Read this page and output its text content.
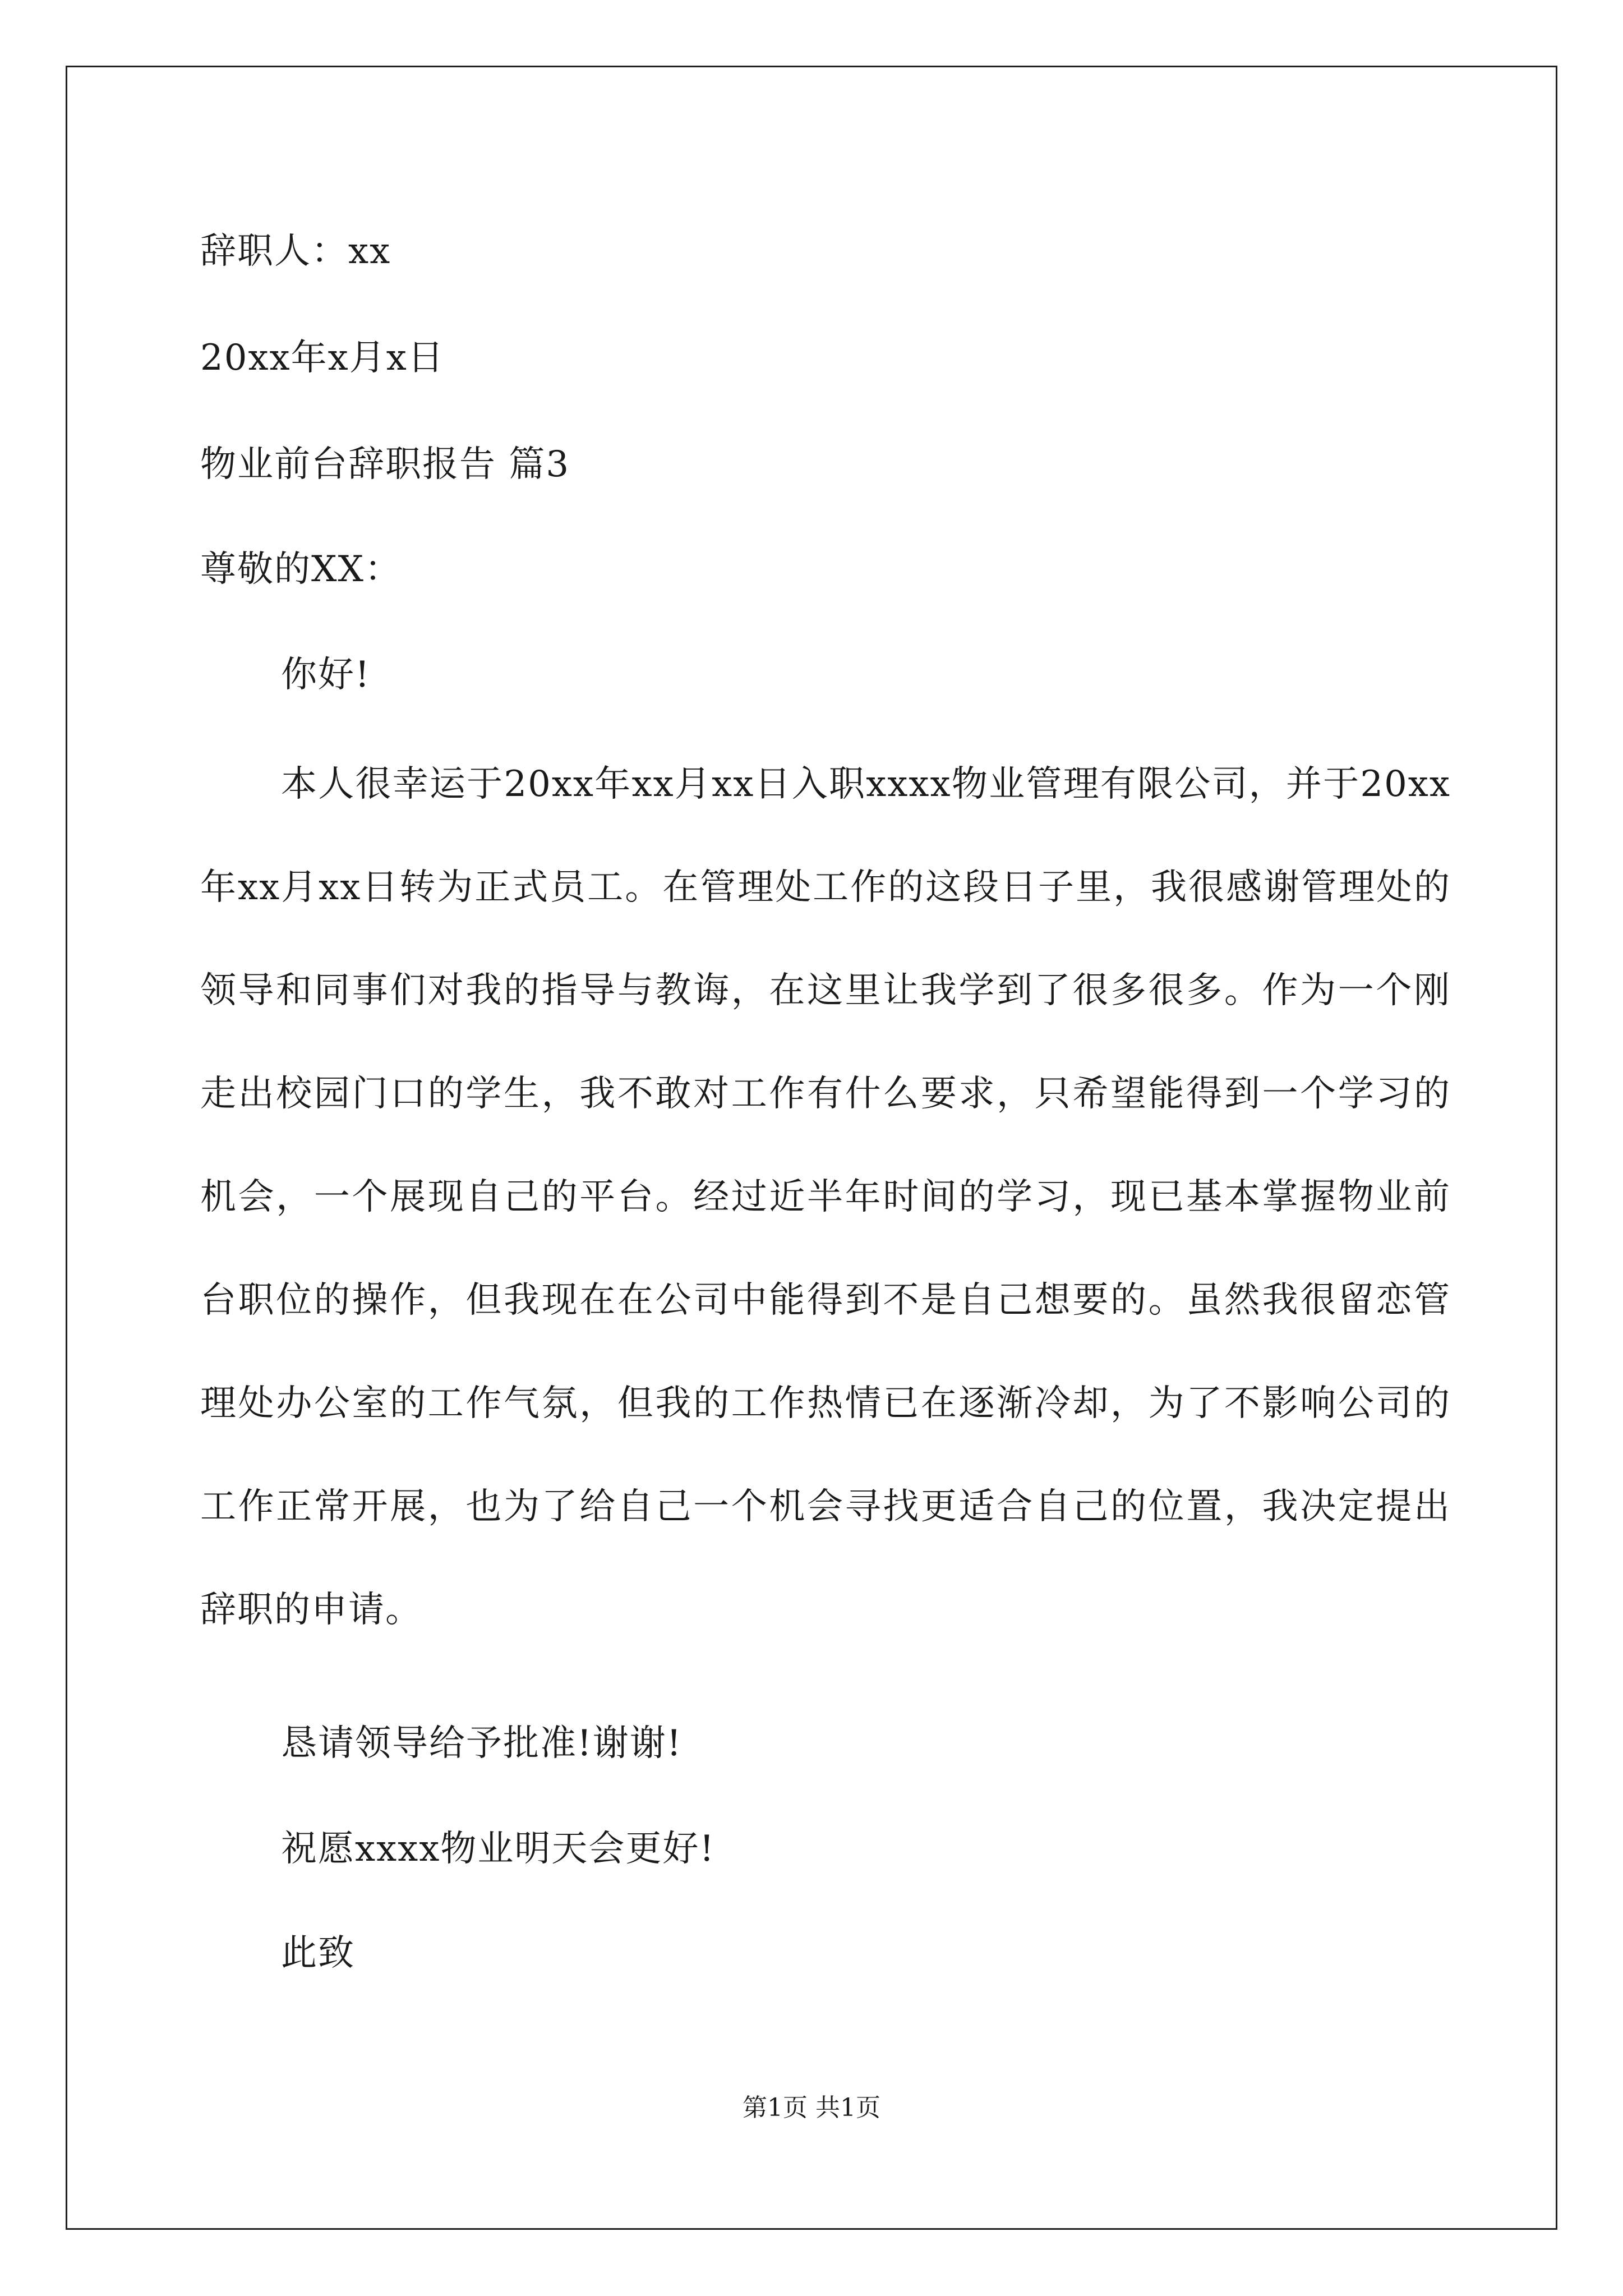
辞职人：xx
20xx年x月x日
物业前台辞职报告 篇3
尊敬的XX：
你好!
本人很幸运于20xx年xx月xx日入职xxxx物业管理有限公司，并于20xx年xx月xx日转为正式员工。在管理处工作的这段日子里，我很感谢管理处的领导和同事们对我的指导与教诲，在这里让我学到了很多很多。作为一个刚走出校园门口的学生，我不敢对工作有什么要求，只希望能得到一个学习的机会，一个展现自己的平台。经过近半年时间的学习，现已基本掌握物业前台职位的操作，但我现在在公司中能得到不是自己想要的。虽然我很留恋管理处办公室的工作气氛，但我的工作热情已在逐渐冷却，为了不影响公司的工作正常开展，也为了给自己一个机会寻找更适合自己的位置，我决定提出辞职的申请。
恳请领导给予批准!谢谢!
祝愿xxxx物业明天会更好!
此致
第1页 共1页
